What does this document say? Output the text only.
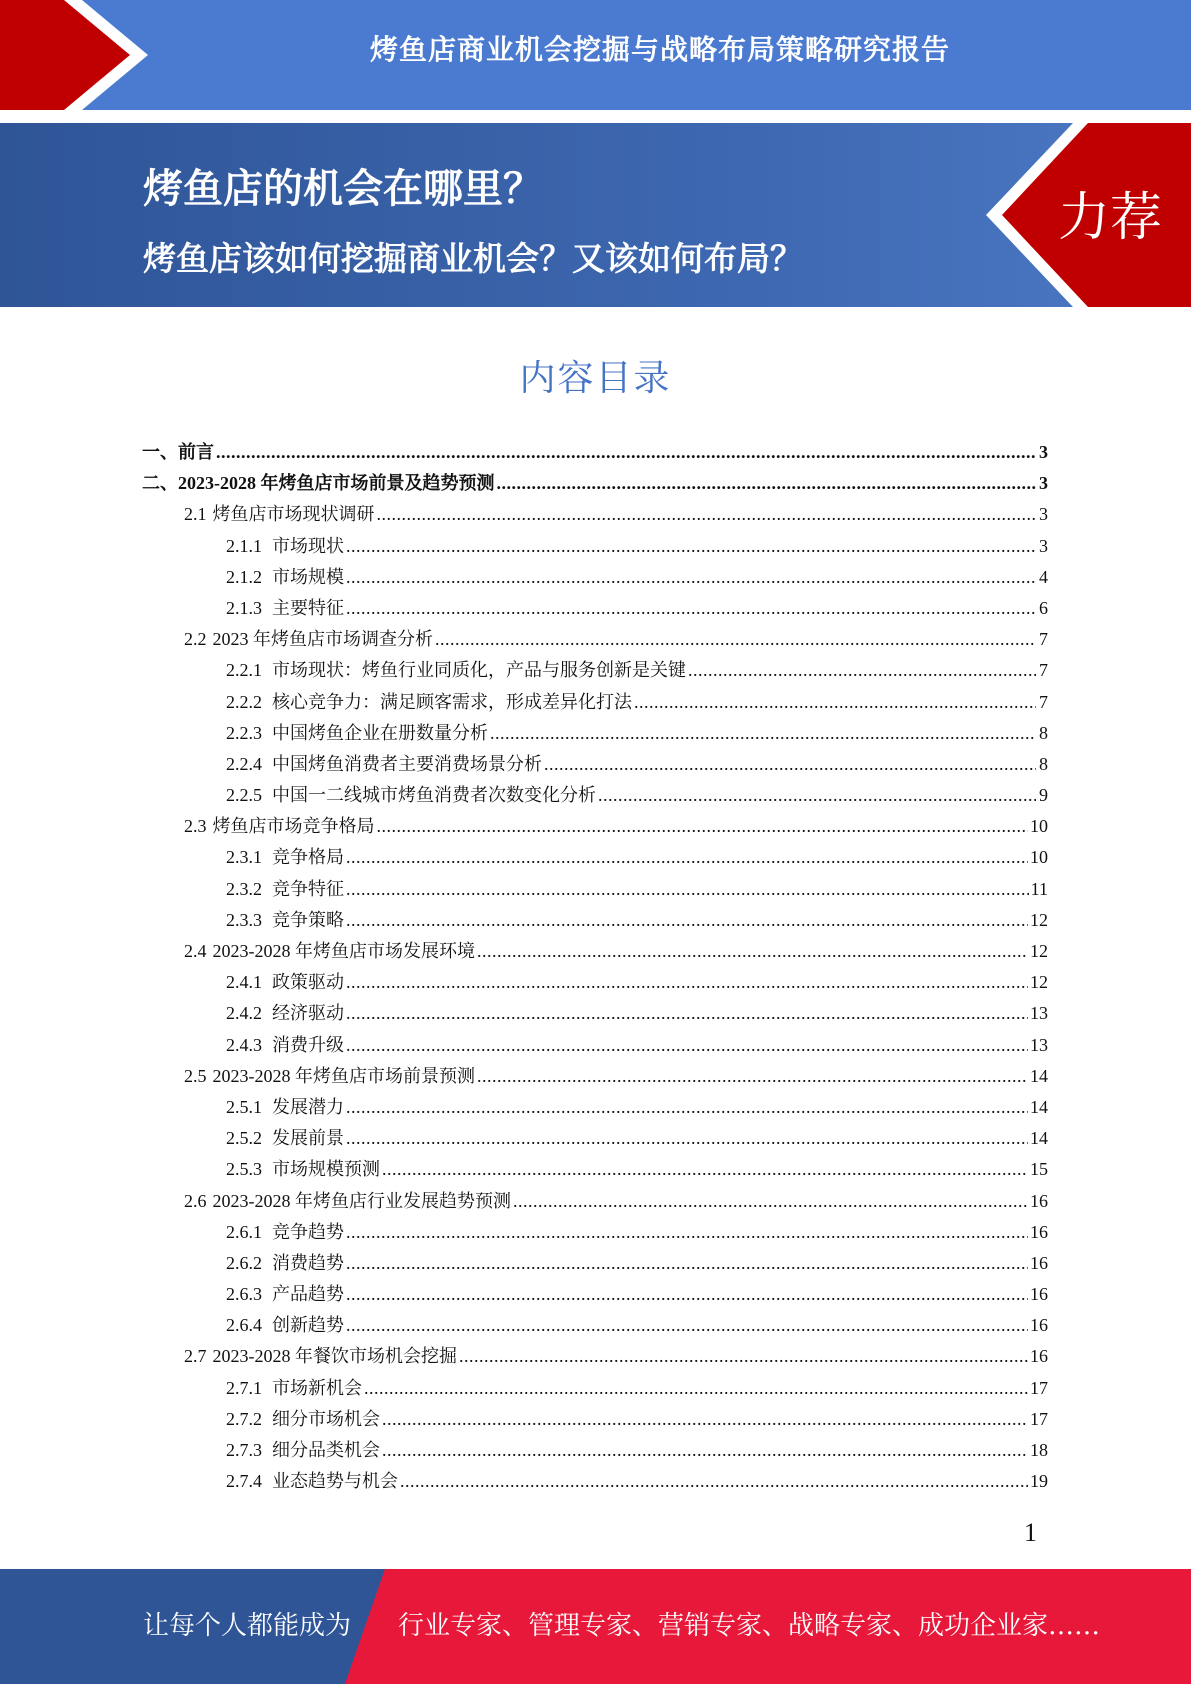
烤鱼店商业机会挖掘与战略布局策略研究报告
烤鱼店的机会在哪里？
烤鱼店该如何挖掘商业机会？又该如何布局？
力荐
内容目录
一、 前言 .....	3
二、 2023-2028 年烤鱼店市场前景及趋势预测 .....	3
2.1 烤鱼店市场现状调研 .....	3
2.1.1 市场现状 .....	3
2.1.2 市场规模 .....	4
2.1.3 主要特征 .....	6
2.2 2023 年烤鱼店市场调查分析 .....	7
2.2.1 市场现状：烤鱼行业同质化，产品与服务创新是关键 .....	7
2.2.2 核心竞争力：满足顾客需求，形成差异化打法 .....	7
2.2.3 中国烤鱼企业在册数量分析 .....	8
2.2.4 中国烤鱼消费者主要消费场景分析 .....	8
2.2.5 中国一二线城市烤鱼消费者次数变化分析 .....	9
2.3 烤鱼店市场竞争格局 .....	10
2.3.1 竞争格局 .....	10
2.3.2 竞争特征 .....	11
2.3.3 竞争策略 .....	12
2.4 2023-2028 年烤鱼店市场发展环境 .....	12
2.4.1 政策驱动 .....	12
2.4.2 经济驱动 .....	13
2.4.3 消费升级 .....	13
2.5 2023-2028 年烤鱼店市场前景预测 .....	14
2.5.1 发展潜力 .....	14
2.5.2 发展前景 .....	14
2.5.3 市场规模预测 .....	15
2.6 2023-2028 年烤鱼店行业发展趋势预测 .....	16
2.6.1 竞争趋势 .....	16
2.6.2 消费趋势 .....	16
2.6.3 产品趋势 .....	16
2.6.4 创新趋势 .....	16
2.7 2023-2028 年餐饮市场机会挖掘 .....	16
2.7.1 市场新机会 .....	17
2.7.2 细分市场机会 .....	17
2.7.3 细分品类机会 .....	18
2.7.4 业态趋势与机会 .....	19
1
让每个人都能成为 行业专家、管理专家、营销专家、战略专家、成功企业家……
